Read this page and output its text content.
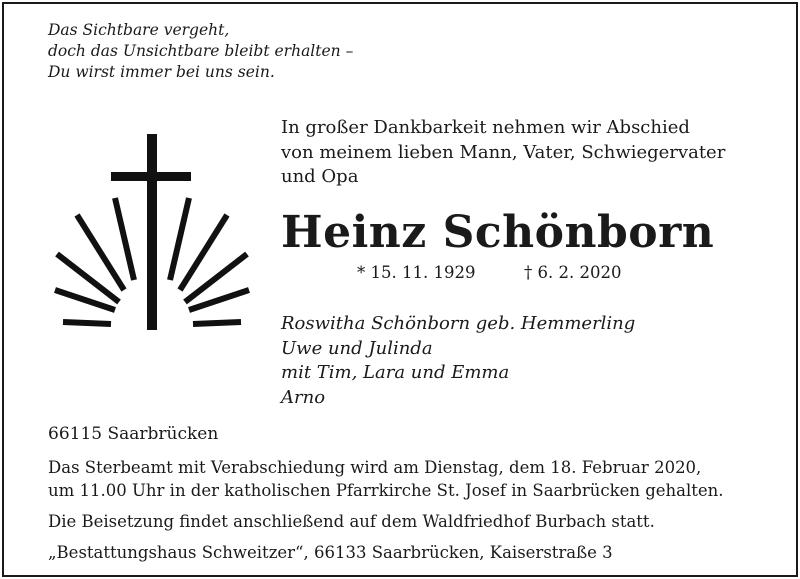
Das Sichtbare vergeht,
doch das Unsichtbare bleibt erhalten –
Du wirst immer bei uns sein.

In großer Dankbarkeit nehmen wir Abschied
von meinem lieben Mann, Vater, Schwiegervater
und Opa

Heinz Schönborn
* 15. 11. 1929	† 6. 2. 2020

Roswitha Schönborn geb. Hemmerling
Uwe und Julinda
mit Tim, Lara und Emma
Arno

66115 Saarbrücken

Das Sterbeamt mit Verabschiedung wird am Dienstag, dem 18. Februar 2020,
um 11.00 Uhr in der katholischen Pfarrkirche St. Josef in Saarbrücken gehalten.

Die Beisetzung findet anschließend auf dem Waldfriedhof Burbach statt.

„Bestattungshaus Schweitzer“, 66133 Saarbrücken, Kaiserstraße 3
